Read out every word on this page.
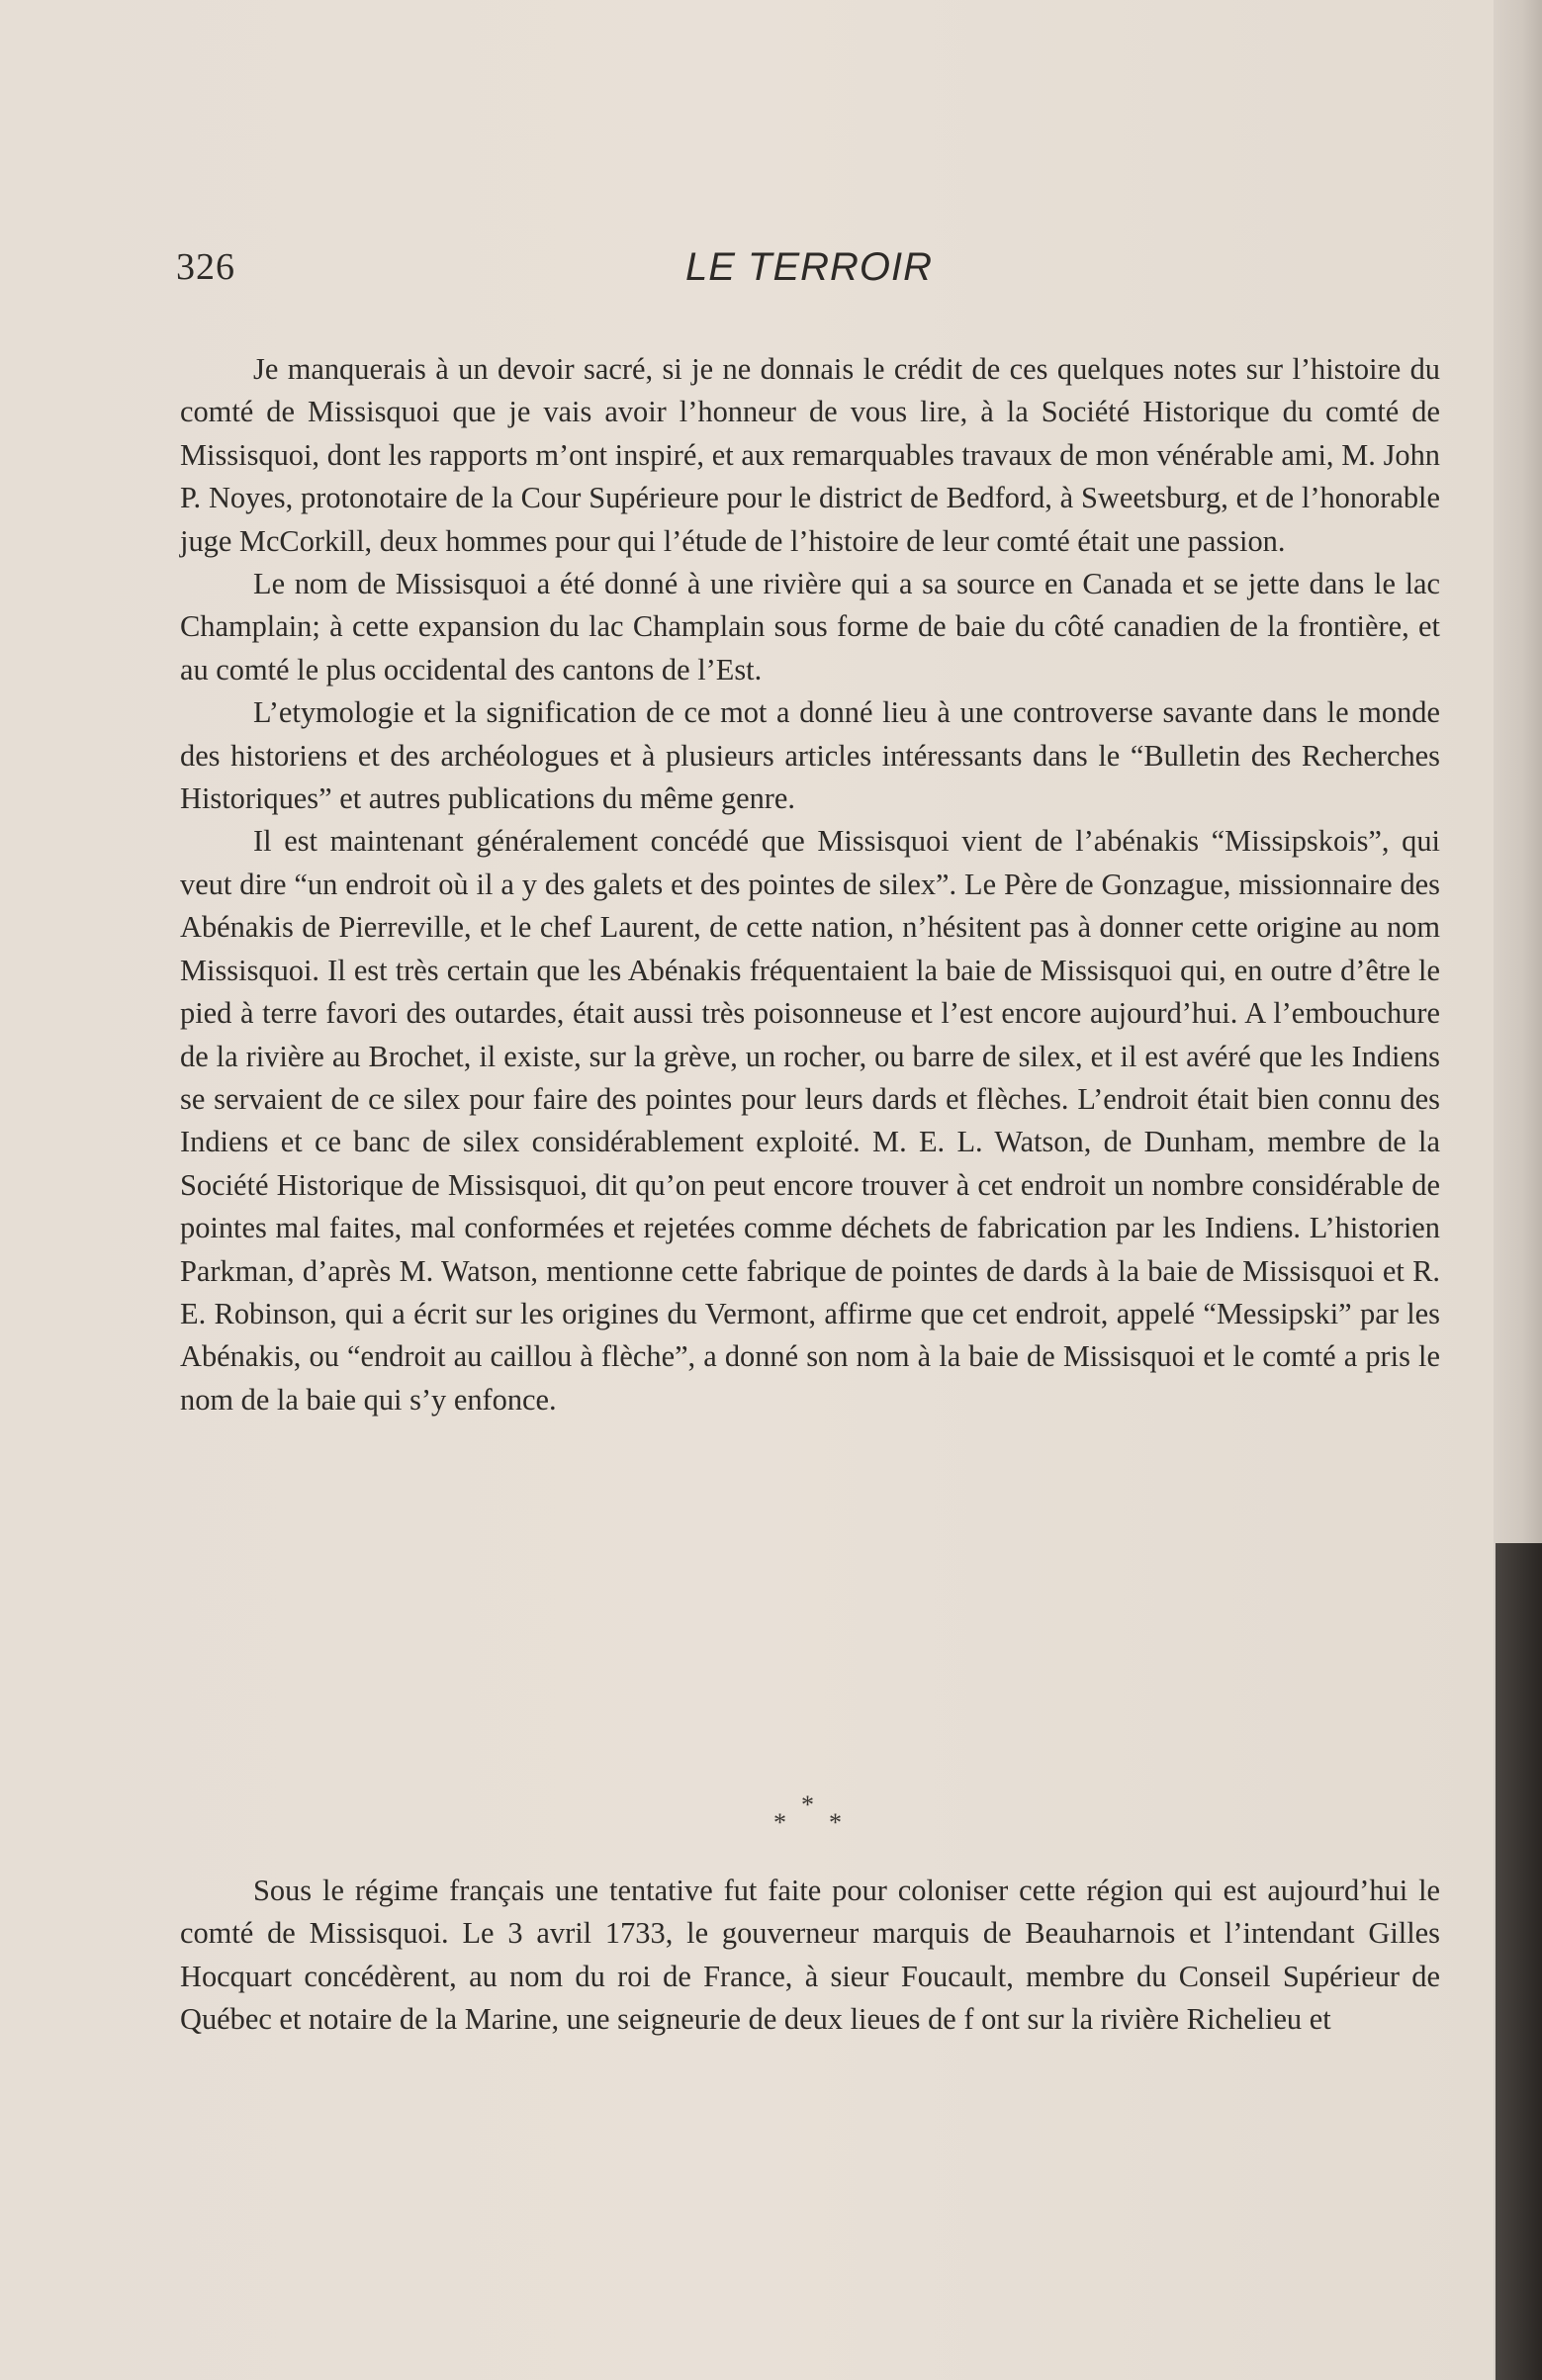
326	LE TERROIR

Je manquerais à un devoir sacré, si je ne donnais le crédit de ces quelques notes sur l’histoire du comté de Missisquoi que je vais avoir l’honneur de vous lire, à la Société Historique du comté de Missisquoi, dont les rapports m’ont inspiré, et aux remarquables travaux de mon vénérable ami, M. John P. Noyes, protonotaire de la Cour Supérieure pour le district de Bedford, à Sweetsburg, et de l’honorable juge McCorkill, deux hommes pour qui l’étude de l’histoire de leur comté était une passion.

Le nom de Missisquoi a été donné à une rivière qui a sa source en Canada et se jette dans le lac Champlain; à cette expansion du lac Champlain sous forme de baie du côté canadien de la frontière, et au comté le plus occidental des cantons de l’Est.

L’etymologie et la signification de ce mot a donné lieu à une controverse savante dans le monde des historiens et des archéologues et à plusieurs articles intéressants dans le “Bulletin des Recherches Historiques” et autres publications du même genre.

Il est maintenant généralement concédé que Missisquoi vient de l’abénakis “Missipskois”, qui veut dire “un endroit où il a y des galets et des pointes de silex”. Le Père de Gonzague, missionnaire des Abénakis de Pierreville, et le chef Laurent, de cette nation, n’hésitent pas à donner cette origine au nom Missisquoi. Il est très certain que les Abénakis fréquentaient la baie de Missisquoi qui, en outre d’être le pied à terre favori des outardes, était aussi très poisonneuse et l’est encore aujourd’hui. A l’embouchure de la rivière au Brochet, il existe, sur la grève, un rocher, ou barre de silex, et il est avéré que les Indiens se servaient de ce silex pour faire des pointes pour leurs dards et flèches. L’endroit était bien connu des Indiens et ce banc de silex considérablement exploité. M. E. L. Watson, de Dunham, membre de la Société Historique de Missisquoi, dit qu’on peut encore trouver à cet endroit un nombre considérable de pointes mal faites, mal conformées et rejetées comme déchets de fabrication par les Indiens. L’historien Parkman, d’après M. Watson, mentionne cette fabrique de pointes de dards à la baie de Missisquoi et R. E. Robinson, qui a écrit sur les origines du Vermont, affirme que cet endroit, appelé “Messipski” par les Abénakis, ou “endroit au caillou à flèche”, a donné son nom à la baie de Missisquoi et le comté a pris le nom de la baie qui s’y enfonce.

*
* *

Sous le régime français une tentative fut faite pour coloniser cette région qui est aujourd’hui le comté de Missisquoi. Le 3 avril 1733, le gouverneur marquis de Beauharnois et l’intendant Gilles Hocquart concédèrent, au nom du roi de France, à sieur Foucault, membre du Conseil Supérieur de Québec et notaire de la Marine, une seigneurie de deux lieues de f ont sur la rivière Richelieu et
